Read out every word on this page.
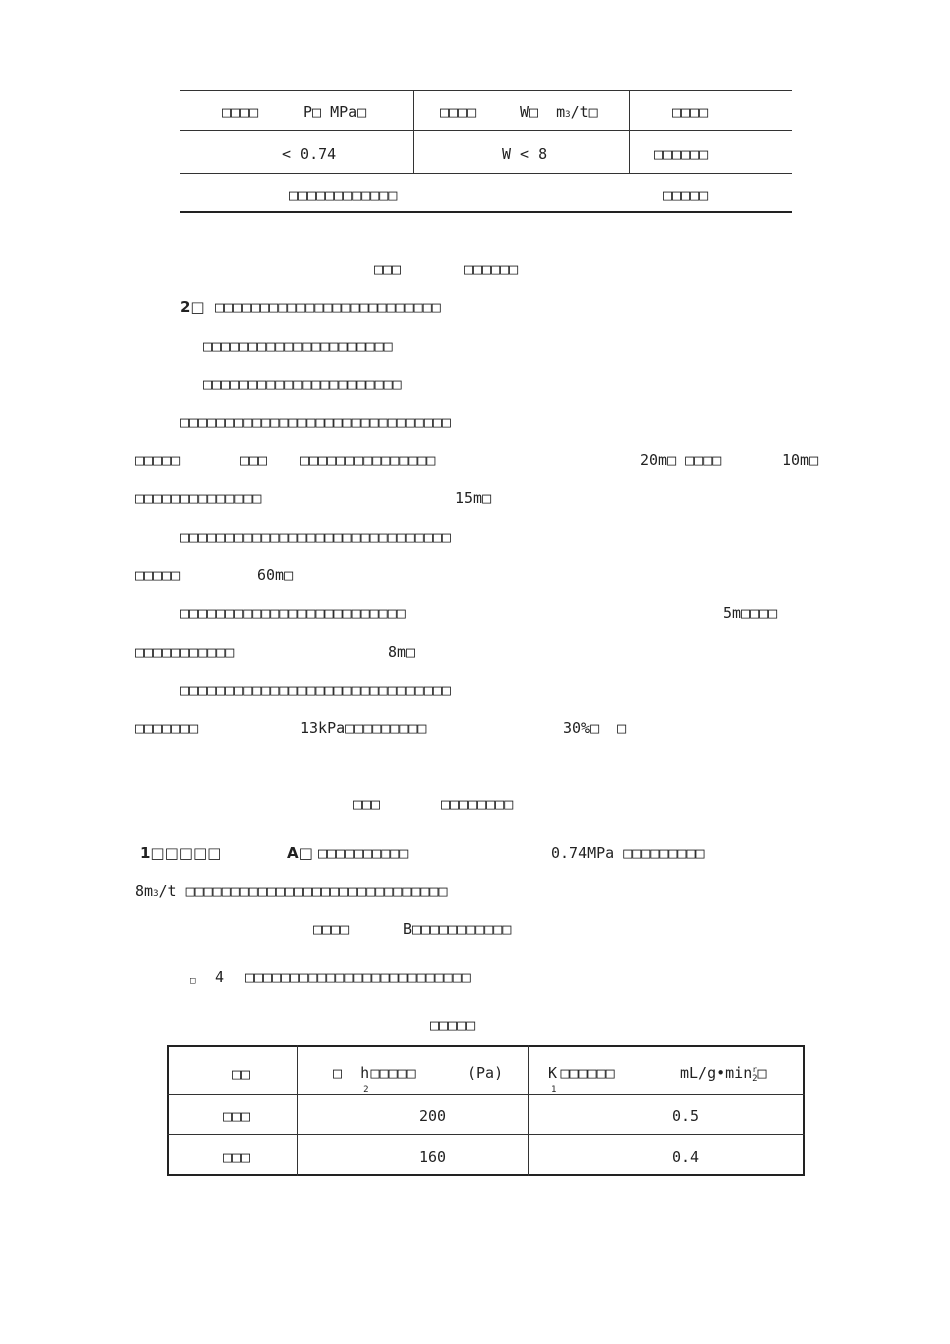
□□□□	P□ MPa□	□□□□	W□  m3/t□	□□□□
< 0.74	W < 8	□□□□□□
□□□□□□□□□□□□	□□□□□
□□□	□□□□□□
2□ □□□□□□□□□□□□□□□□□□□□□□□□□
□□□□□□□□□□□□□□□□□□□□□
□□□□□□□□□□□□□□□□□□□□□□
□□□□□□□□□□□□□□□□□□□□□□□□□□□□□□
□□□□□	□□□ □□□□□□□□□□□□□□□	20m□ □□□□	10m□
□□□□□□□□□□□□□□	15m□
□□□□□□□□□□□□□□□□□□□□□□□□□□□□□□
□□□□□	60m□
□□□□□□□□□□□□□□□□□□□□□□□□□	5m□□□□
□□□□□□□□□□□	8m□
□□□□□□□□□□□□□□□□□□□□□□□□□□□□□□
□□□□□□□	13kPa□□□□□□□□□	30%□  □
□□□	□□□□□□□□
1□□□□□	A□ □□□□□□□□□□	0.74MPa □□□□□□□□□
8m3/t □□□□□□□□□□□□□□□□□□□□□□□□□□□□□
□□□□	B□□□□□□□□□□□
□ 4 □□□□□□□□□□□□□□□□□□□□□□□□□
□□□□□
□□	□  $h_2□□□□□$	(Pa)	$K_1□□□□□□$	$mL/g•\min^r_2□$
□□□	200	0.5
□□□	160	0.4
